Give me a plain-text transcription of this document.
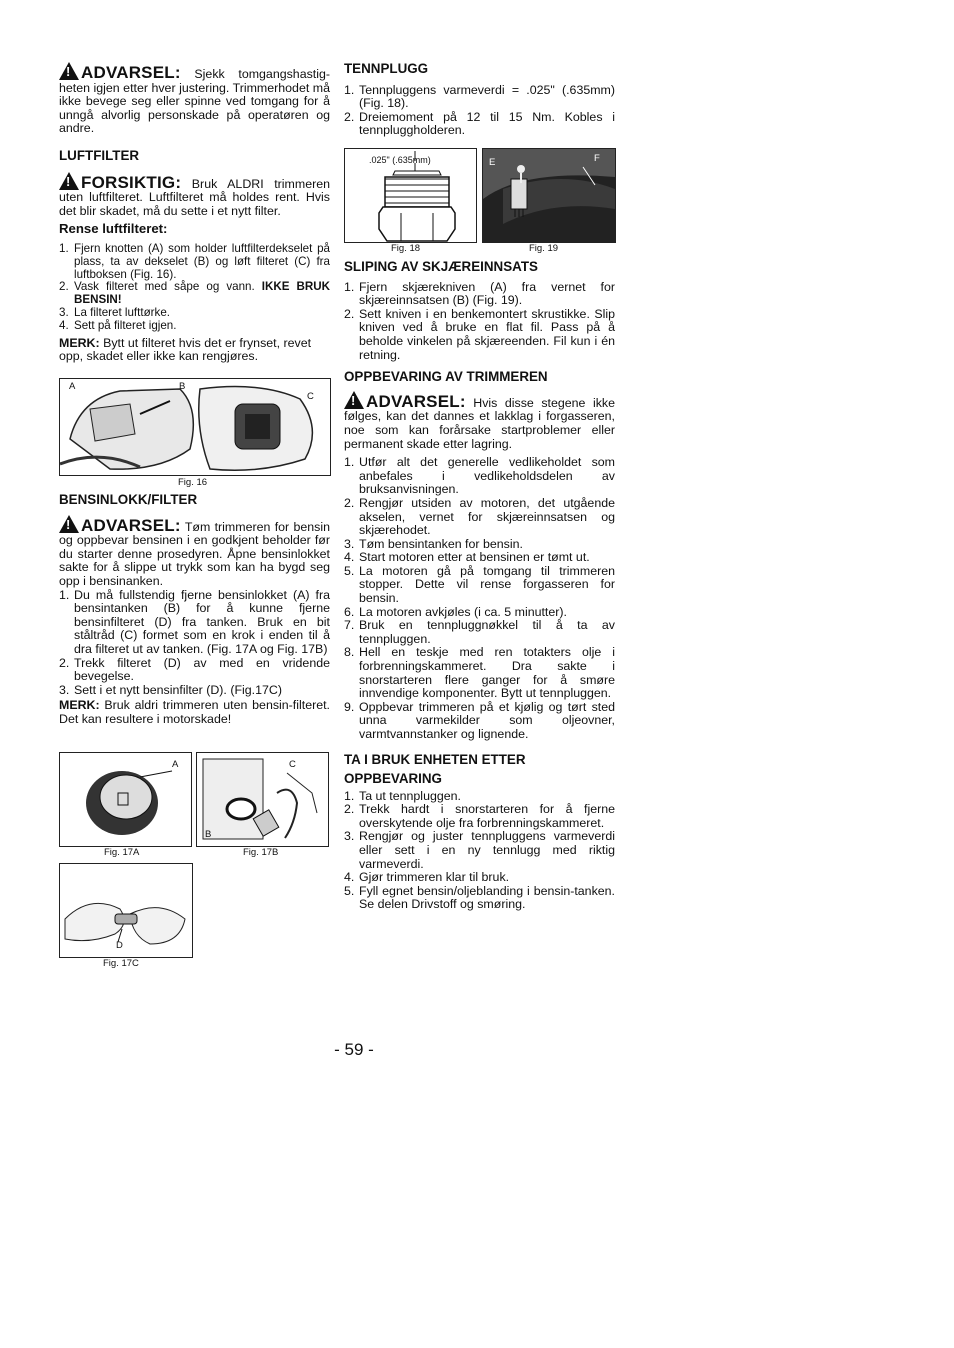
!ADVARSEL: Sjekk tomgangshastig-heten igjen etter hver justering. Trimmerhodet må ikke bevege seg eller spinne ved tomgang for å unngå alvorlig personskade på operatøren og andre.
LUFTFILTER
!FORSIKTIG: Bruk ALDRI trimmeren uten luftfilteret. Luftfilteret må holdes rent. Hvis det blir skadet, må du sette i et nytt filter.
Rense luftfilteret:
1. Fjern knotten (A) som holder luftfilterdekselet på plass, ta av dekselet (B) og løft filteret (C) fra luftboksen (Fig. 16).
2. Vask filteret med såpe og vann. IKKE BRUK BENSIN!
3. La filteret lufttørke.
4. Sett på filteret igjen.
MERK: Bytt ut filteret hvis det er frynset, revet opp, skadet eller ikke kan rengjøres.
A	B
C
Fig. 16
BENSINLOKK/FILTER
!ADVARSEL: Tøm trimmeren for bensin og oppbevar bensinen i en godkjent beholder før du starter denne prosedyren. Åpne bensinlokket sakte for å slippe ut trykk som kan ha bygd seg opp i bensinanken.
1. Du må fullstendig fjerne bensinlokket (A) fra bensintanken (B) for å kunne fjerne bensinfilteret (D) fra tanken. Bruk en bit ståltråd (C) formet som en krok i enden til å dra filteret ut av tanken. (Fig. 17A og Fig. 17B)
2. Trekk filteret (D) av med en vridende bevegelse.
3. Sett i et nytt bensinfilter (D). (Fig.17C)
MERK: Bruk aldri trimmeren uten bensin-filteret. Det kan resultere i motorskade!
A
Fig. 17A
C
B
Fig. 17B
D
Fig. 17C
TENNPLUGG
1. Tennpluggens varmeverdi = .025" (.635mm) (Fig. 18).
2. Dreiemoment på 12 til 15 Nm. Kobles i tennpluggholderen.
.025" (.635mm)
Fig. 18
E	F
Fig. 19
SLIPING AV SKJÆREINNSATS
1. Fjern skjærekniven (A) fra vernet for skjæreinnsatsen (B) (Fig. 19).
2. Sett kniven i en benkemontert skrustikke. Slip kniven ved å bruke en flat fil. Pass på å beholde vinkelen på skjæreenden. Fil kun i én retning.
OPPBEVARING AV TRIMMEREN
!ADVARSEL: Hvis disse stegene ikke følges, kan det dannes et lakklag i forgasseren, noe som kan forårsake startproblemer eller permanent skade etter lagring.
1. Utfør alt det generelle vedlikeholdet som anbefales i vedlikeholdsdelen av bruksanvisningen.
2. Rengjør utsiden av motoren, det utgående akselen, vernet for skjæreinnsatsen og skjærehodet.
3. Tøm bensintanken for bensin.
4. Start motoren etter at bensinen er tømt ut.
5. La motoren gå på tomgang til trimmeren stopper. Dette vil rense forgasseren for bensin.
6. La motoren avkjøles (i ca. 5 minutter).
7. Bruk en tennpluggnøkkel til å ta av tennpluggen.
8. Hell en teskje med ren totakters olje i forbrenningskammeret. Dra sakte i snorstarteren flere ganger for å smøre innvendige komponenter. Bytt ut tennpluggen.
9. Oppbevar trimmeren på et kjølig og tørt sted unna varmekilder som oljeovner, varmtvannstanker og lignende.
TA I BRUK ENHETEN ETTER
OPPBEVARING
1. Ta ut tennpluggen.
2. Trekk hardt i snorstarteren for å fjerne overskytende olje fra forbrenningskammeret.
3. Rengjør og juster tennpluggens varmeverdi eller sett i en ny tennlugg med riktig varmeverdi.
4. Gjør trimmeren klar til bruk.
5. Fyll egnet bensin/oljeblanding i bensin-tanken. Se delen Drivstoff og smøring.
- 59 -
